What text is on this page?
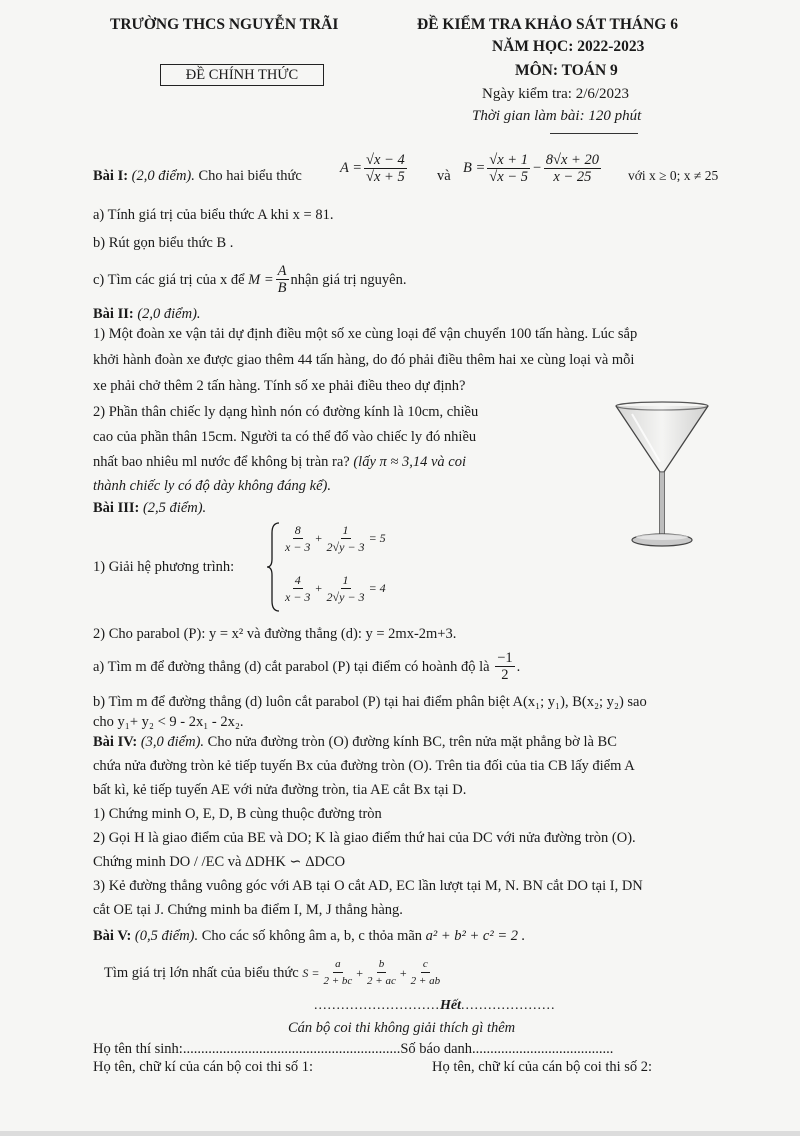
TRƯỜNG THCS NGUYỄN TRÃI	ĐỀ KIỂM TRA KHẢO SÁT THÁNG 6
NĂM HỌC: 2022-2023
ĐỀ CHÍNH THỨC	MÔN: TOÁN 9
Ngày kiểm tra: 2/6/2023
Thời gian làm bài: 120 phút
Bài I: (2,0 điểm). Cho hai biểu thức	$A = \frac{√x - 4}{√x + 5}$ và $B = \frac{√x + 1}{√x - 5} - \frac{8√x + 20}{x - 25}$ với x ≥ 0; x ≠ 25
a) Tính giá trị của biểu thức A khi x = 81.
b) Rút gọn biểu thức B .
c) Tìm các giá trị của x để
$M = \frac{A}{B}$ nhận giá trị nguyên.
Bài II: (2,0 điểm).
1) Một đoàn xe vận tải dự định điều một số xe cùng loại để vận chuyển 100 tấn hàng. Lúc sắp
khởi hành đoàn xe được giao thêm 44 tấn hàng, do đó phải điều thêm hai xe cùng loại và mỗi
xe phải chở thêm 2 tấn hàng. Tính số xe phải điều theo dự định?
2) Phần thân chiếc ly dạng hình nón có đường kính là 10cm, chiều
cao của phần thân 15cm. Người ta có thể đổ vào chiếc ly đó nhiều
nhất bao nhiêu ml nước để không bị tràn ra? (lấy π ≈ 3,14 và coi
thành chiếc ly có độ dày không đáng kể).
Bài III: (2,5 điểm).
1) Giải hệ phương trình:
$\frac{8}{x - 3} + \frac{1}{2√y - 3} = 5$
$\frac{4}{x - 3} + \frac{1}{2√y - 3} = 4$
2) Cho parabol (P): y = x² và đường thẳng (d): y = 2mx-2m+3.
a) Tìm m để đường thẳng (d) cắt parabol (P) tại điểm có hoành độ là
$\frac{-1}{2}$ .
b) Tìm m để đường thẳng (d) luôn cắt parabol (P) tại hai điểm phân biệt A(x₁; y₁), B(x₂; y₂) sao
cho y₁+ y₂ < 9 - 2x₁ - 2x₂.
Bài IV: (3,0 điểm). Cho nửa đường tròn (O) đường kính BC, trên nửa mặt phẳng bờ là BC
chứa nửa đường tròn kẻ tiếp tuyến Bx của đường tròn (O). Trên tia đối của tia CB lấy điểm A
bất kì, kẻ tiếp tuyến AE với nửa đường tròn, tia AE cắt Bx tại D.
1) Chứng minh O, E, D, B cùng thuộc đường tròn
2) Gọi H là giao điểm của BE và DO; K là giao điểm thứ hai của DC với nửa đường tròn (O).
Chứng minh DO / /EC và ΔDHK ∽ ΔDCO
3) Kẻ đường thẳng vuông góc với AB tại O cắt AD, EC lần lượt tại M, N. BN cắt DO tại I, DN
cắt OE tại J. Chứng minh ba điểm I, M, J thẳng hàng.
Bài V: (0,5 điểm). Cho các số không âm a, b, c thỏa mãn a² + b² + c² = 2 .
Tìm giá trị lớn nhất của biểu thức
$S = \frac{a}{2 + bc} + \frac{b}{2 + ac} + \frac{c}{2 + ab}$
............................Hết.....................
Cán bộ coi thi không giải thích gì thêm
Họ tên thí sinh:............................................................Số báo danh.......................................
Họ tên, chữ kí của cán bộ coi thi số 1:	Họ tên, chữ kí của cán bộ coi thi số 2:
